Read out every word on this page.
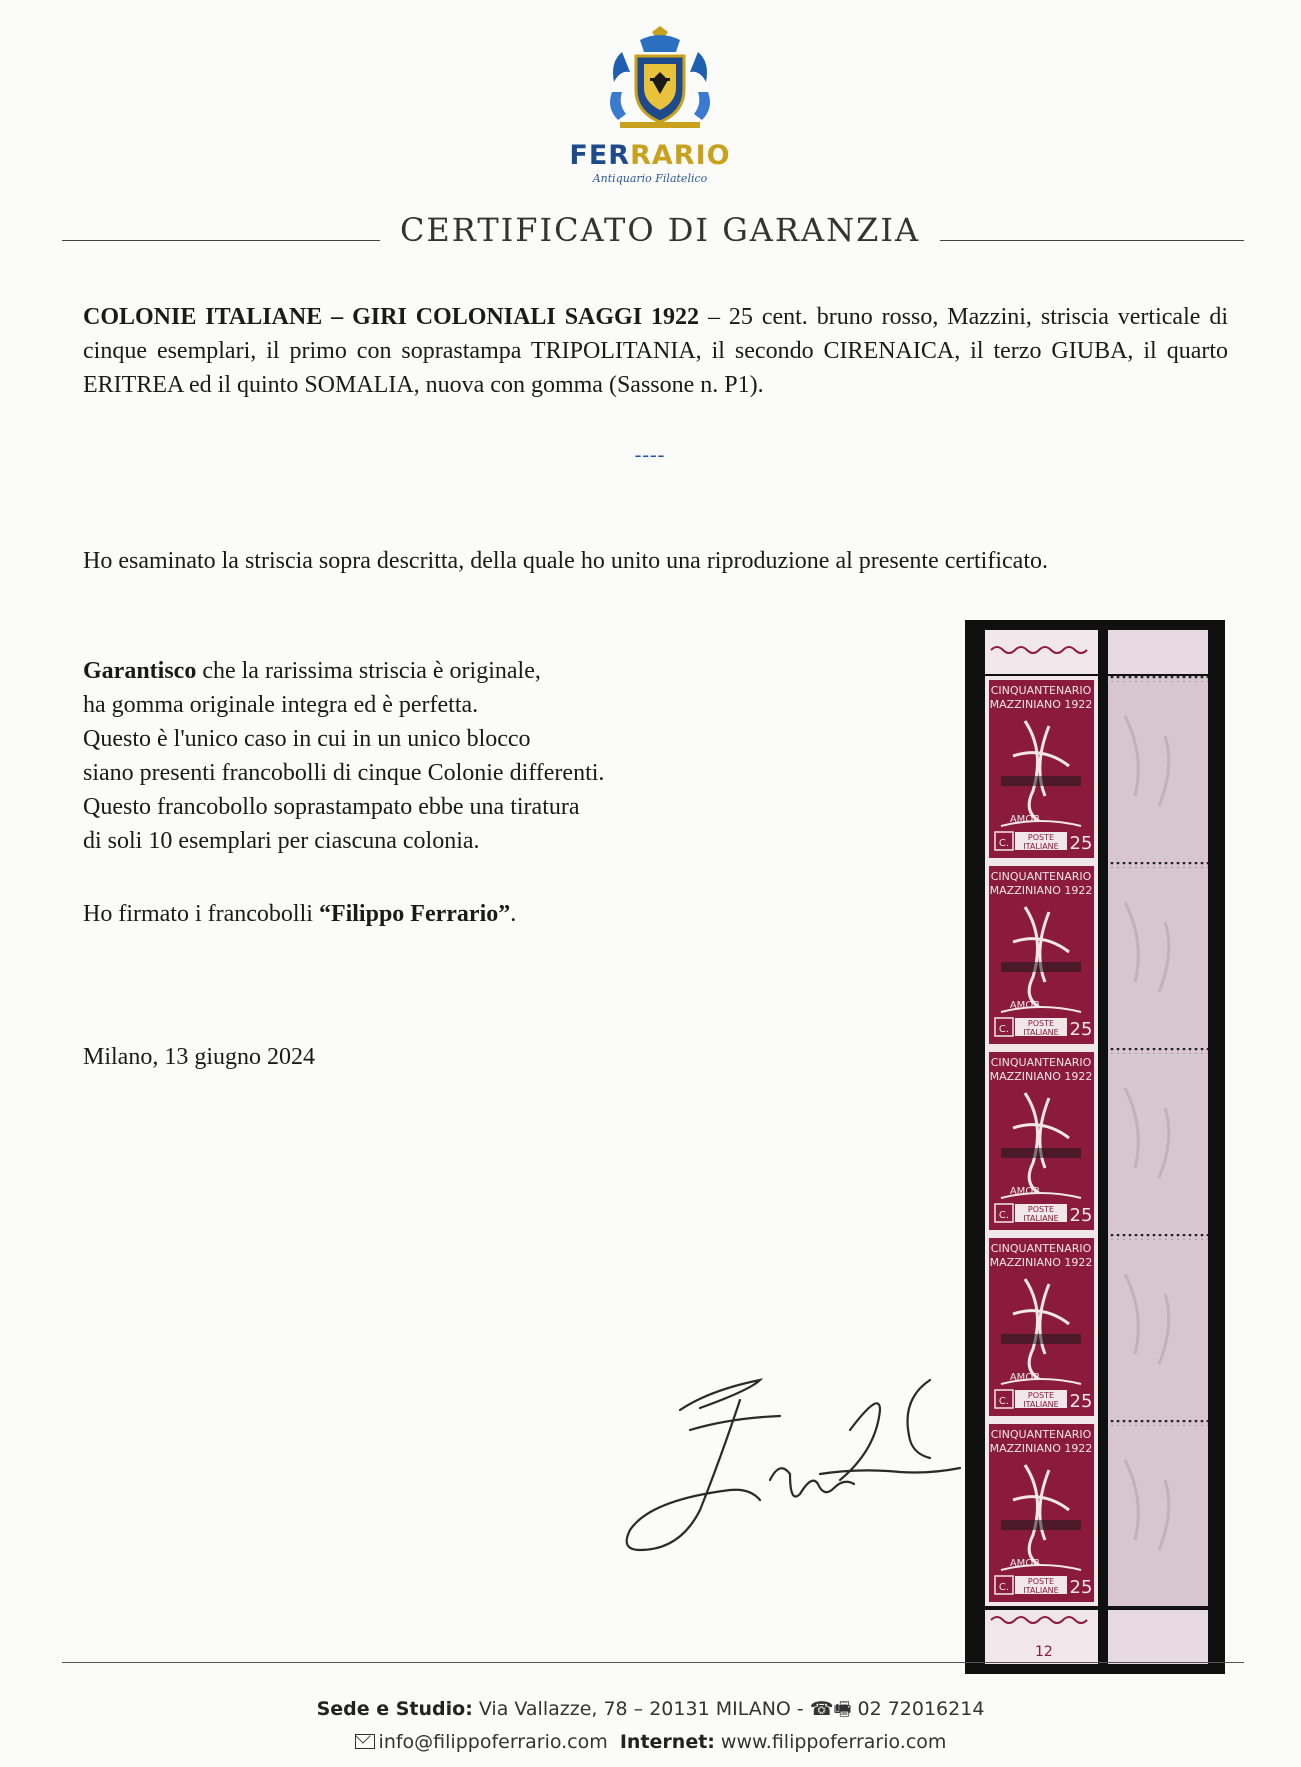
FERRARIO
Antiquario Filatelico
CERTIFICATO DI GARANZIA
COLONIE ITALIANE – GIRI COLONIALI SAGGI 1922 – 25 cent. bruno rosso, Mazzini, striscia verticale di cinque esemplari, il primo con soprastampa TRIPOLITANIA, il secondo CIRENAICA, il terzo GIUBA, il quarto ERITREA ed il quinto SOMALIA, nuova con gomma (Sassone n. P1).
----
Ho esaminato la striscia sopra descritta, della quale ho unito una riproduzione al presente certificato.
Garantisco che la rarissima striscia è originale,
ha gomma originale integra ed è perfetta.
Questo è l'unico caso in cui in un unico blocco
siano presenti francobolli di cinque Colonie differenti.
Questo francobollo soprastampato ebbe una tiratura
di soli 10 esemplari per ciascuna colonia.
Ho firmato i francobolli “Filippo Ferrario”.
Milano, 13 giugno 2024
CINQUANTENARIO
MAZZINIANO 1922
AMOR
C.
POSTE
ITALIANE 25
CINQUANTENARIO
MAZZINIANO 1922
AMOR
C.
POSTE
ITALIANE 25
CINQUANTENARIO
MAZZINIANO 1922
AMOR
C.
POSTE
ITALIANE 25
CINQUANTENARIO
MAZZINIANO 1922
AMOR
C.
POSTE
ITALIANE 25
CINQUANTENARIO
MAZZINIANO 1922
AMOR
C.
POSTE
ITALIANE 25
12
Sede e Studio: Via Vallazze, 78 – 20131 MILANO - ☎🖷 02 72016214
info@filippoferrario.com Internet: www.filippoferrario.com
